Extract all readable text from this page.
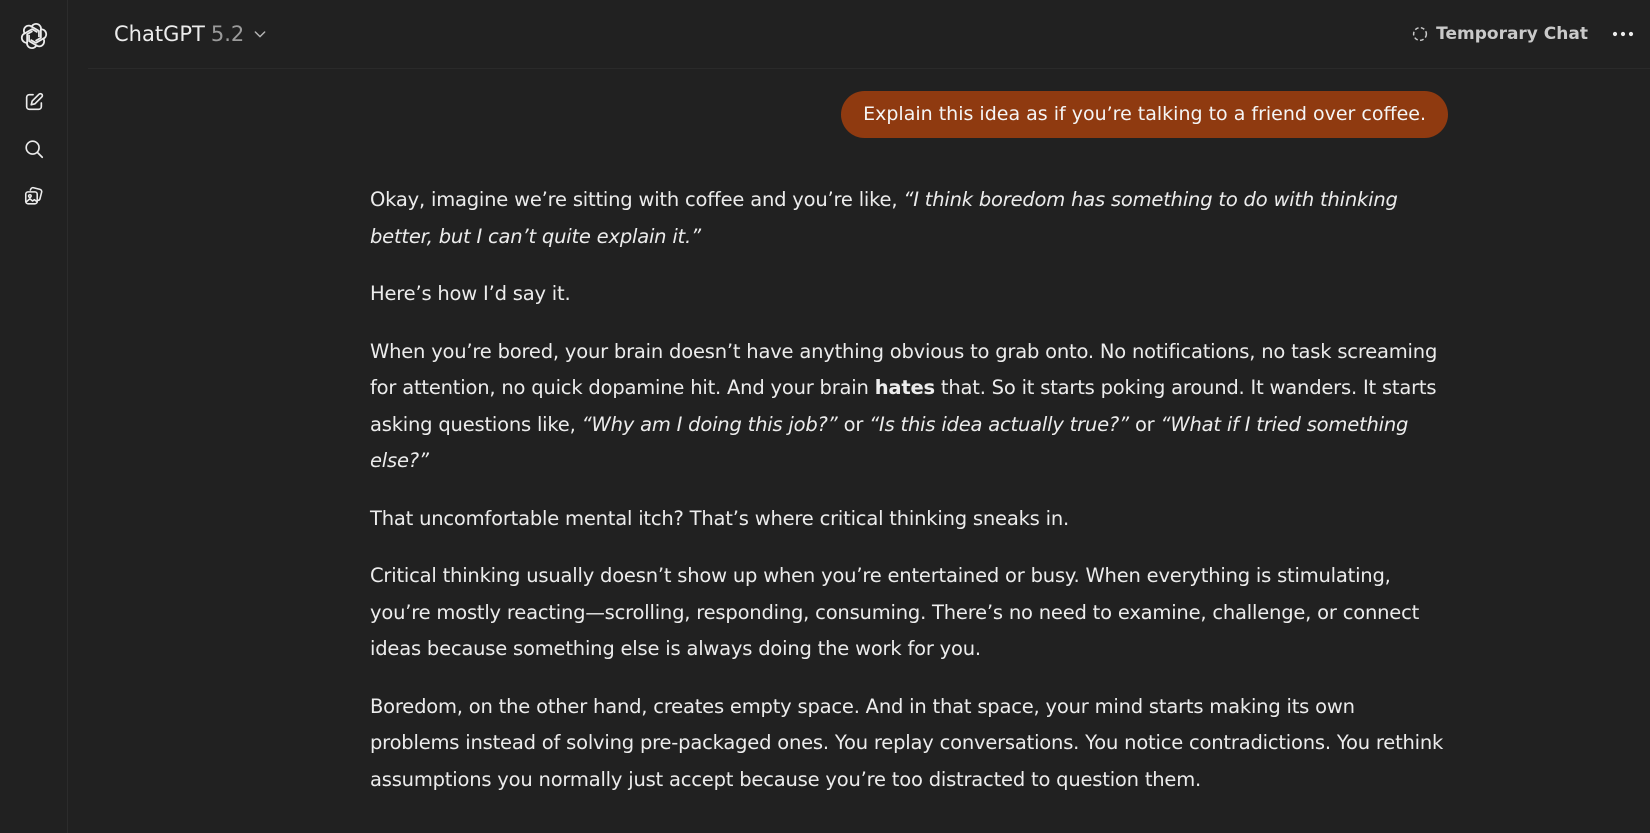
ChatGPT 5.2	Temporary Chat
Explain this idea as if you’re talking to a friend over coffee.

Okay, imagine we’re sitting with coffee and you’re like, “I think boredom has something to do with thinking better, but I can’t quite explain it.”

Here’s how I’d say it.

When you’re bored, your brain doesn’t have anything obvious to grab onto. No notifications, no task screaming for attention, no quick dopamine hit. And your brain hates that. So it starts poking around. It wanders. It starts asking questions like, “Why am I doing this job?” or “Is this idea actually true?” or “What if I tried something else?”

That uncomfortable mental itch? That’s where critical thinking sneaks in.

Critical thinking usually doesn’t show up when you’re entertained or busy. When everything is stimulating, you’re mostly reacting—scrolling, responding, consuming. There’s no need to examine, challenge, or connect ideas because something else is always doing the work for you.

Boredom, on the other hand, creates empty space. And in that space, your mind starts making its own problems instead of solving pre-packaged ones. You replay conversations. You notice contradictions. You rethink assumptions you normally just accept because you’re too distracted to question them.
